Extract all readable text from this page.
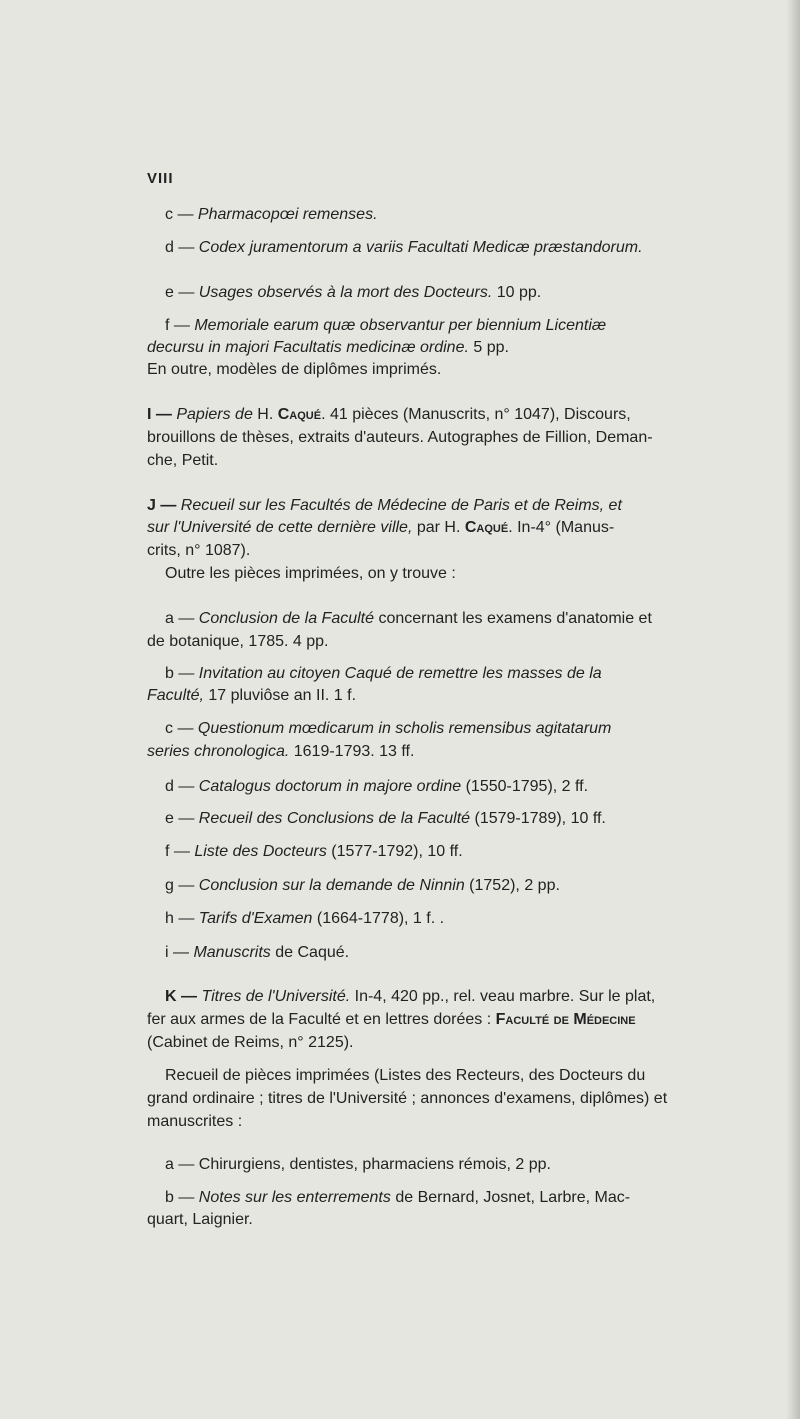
VIII
c — Pharmacopœi remenses.
d — Codex juramentorum a variis Facultati Medicæ præstandorum.
e — Usages observés à la mort des Docteurs. 10 pp.
f — Memoriale earum quæ observantur per biennium Licentiæ
decursu in majori Facultatis medicinæ ordine. 5 pp.
En outre, modèles de diplômes imprimés.
I — Papiers de H. Caqué. 41 pièces (Manuscrits, n° 1047), Discours,
brouillons de thèses, extraits d'auteurs. Autographes de Fillion, Deman-
che, Petit.
J — Recueil sur les Facultés de Médecine de Paris et de Reims, et
sur l'Université de cette dernière ville, par H. Caqué. In-4° (Manus-
crits, n° 1087).
Outre les pièces imprimées, on y trouve :
a — Conclusion de la Faculté concernant les examens d'anatomie et
de botanique, 1785. 4 pp.
b — Invitation au citoyen Caqué de remettre les masses de la
Faculté, 17 pluviôse an II. 1 f.
c — Questionum mœdicarum in scholis remensibus agitatarum
series chronologica. 1619-1793. 13 ff.
d — Catalogus doctorum in majore ordine (1550-1795), 2 ff.
e — Recueil des Conclusions de la Faculté (1579-1789), 10 ff.
f — Liste des Docteurs (1577-1792), 10 ff.
g — Conclusion sur la demande de Ninnin (1752), 2 pp.
h — Tarifs d'Examen (1664-1778), 1 f. .
i — Manuscrits de Caqué.
K — Titres de l'Université. In-4, 420 pp., rel. veau marbre. Sur le plat,
fer aux armes de la Faculté et en lettres dorées : Faculté de Médecine
(Cabinet de Reims, n° 2125).
Recueil de pièces imprimées (Listes des Recteurs, des Docteurs du
grand ordinaire ; titres de l'Université ; annonces d'examens, diplômes) et
manuscrites :
a — Chirurgiens, dentistes, pharmaciens rémois, 2 pp.
b — Notes sur les enterrements de Bernard, Josnet, Larbre, Mac-
quart, Laignier.
